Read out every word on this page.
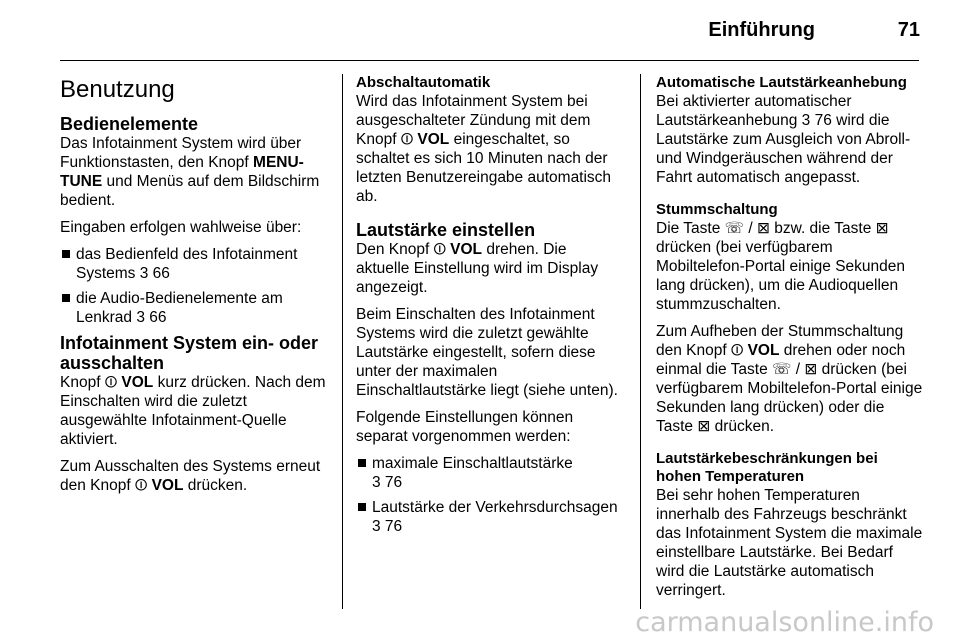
Einführung	71
Benutzung
Bedienelemente

Das Infotainment System wird über Funktionstasten, den Knopf MENU-TUNE und Menüs auf dem Bildschirm bedient.

Eingaben erfolgen wahlweise über:

das Bedienfeld des Infotainment Systems 3 66
die Audio-Bedienelemente am Lenkrad 3 66
Infotainment System ein- oder ausschalten

Knopf ⏼ VOL kurz drücken. Nach dem Einschalten wird die zuletzt ausgewählte Infotainment-Quelle aktiviert.

Zum Ausschalten des Systems erneut den Knopf ⏼ VOL drücken.

Abschaltautomatik

Wird das Infotainment System bei ausgeschalteter Zündung mit dem Knopf ⏼ VOL eingeschaltet, so schaltet es sich 10 Minuten nach der letzten Benutzereingabe automatisch ab.

Lautstärke einstellen

Den Knopf ⏼ VOL drehen. Die aktuelle Einstellung wird im Display angezeigt.

Beim Einschalten des Infotainment Systems wird die zuletzt gewählte Lautstärke eingestellt, sofern diese unter der maximalen Einschaltlautstärke liegt (siehe unten).

Folgende Einstellungen können separat vorgenommen werden:

maximale Einschaltlautstärke
3 76
Lautstärke der Verkehrsdurchsagen 3 76
Automatische Lautstärkeanhebung

Bei aktivierter automatischer Lautstärkeanhebung 3 76 wird die Lautstärke zum Ausgleich von Abroll- und Windgeräuschen während der Fahrt automatisch angepasst.

Stummschaltung

Die Taste ☏ / ⊠ bzw. die Taste ⊠ drücken (bei verfügbarem Mobiltelefon-Portal einige Sekunden lang drücken), um die Audioquellen stummzuschalten.

Zum Aufheben der Stummschaltung den Knopf ⏼ VOL drehen oder noch einmal die Taste ☏ / ⊠ drücken (bei verfügbarem Mobiltelefon-Portal einige Sekunden lang drücken) oder die Taste ⊠ drücken.

Lautstärkebeschränkungen bei hohen Temperaturen

Bei sehr hohen Temperaturen innerhalb des Fahrzeugs beschränkt das Infotainment System die maximale einstellbare Lautstärke. Bei Bedarf wird die Lautstärke automatisch verringert.

carmanualsonline.info
